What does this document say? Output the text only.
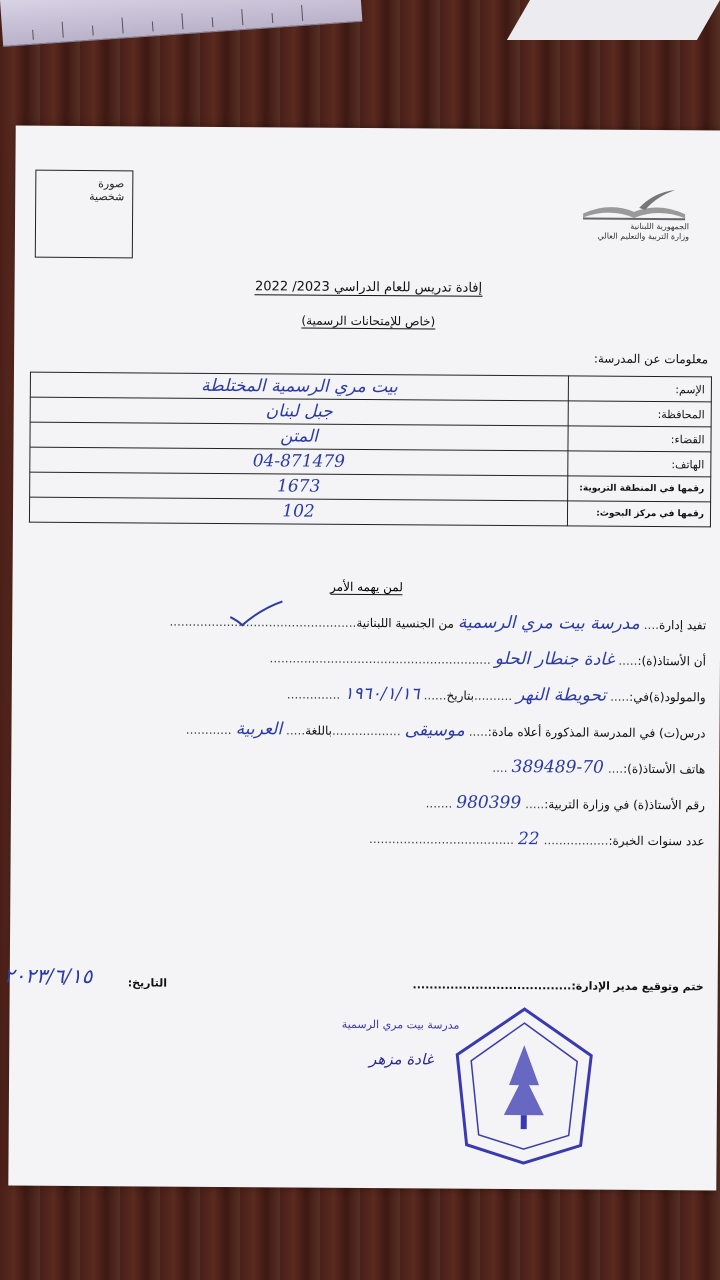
صورة
شخصية
الجمهورية اللبنانية
وزارة التربية والتعليم العالي
إفادة تدريس للعام الدراسي 2023/ 2022
(خاص للإمتحانات الرسمية)
معلومات عن المدرسة:
الإسم:	بيت مري الرسمية المختلطة
المحافظة:	جبل لبنان
القضاء:	المتن
الهاتف:	04-871479
رقمها في المنطقة التربوية:	1673
رقمها في مركز البحوث:	102
لمن يهمه الأمر
تفيد إدارة....مدرسة بيت مري الرسميةمن الجنسية اللبنانية.................................................
أن الأستاذ(ة):.....غادة جنطار الحلو..........................................................
والمولود(ة)في:.....تحويطة النهر..........بتاريخ......١٩٦٠/١/١٦..............
درس(ت) في المدرسة المذكورة أعلاه مادة:.....موسيقى..................باللغة.....العربية............
هاتف الأستاذ(ة):....70-389489....
رقم الأستاذ(ة) في وزارة التربية:.....980399.......
عدد سنوات الخبرة:.................22......................................
ختم وتوقيع مدير الإدارة:......................................
التاريخ:
٢٠٢٣/٦/١٥
مدرسة بيت مري الرسمية
غادة مزهر
